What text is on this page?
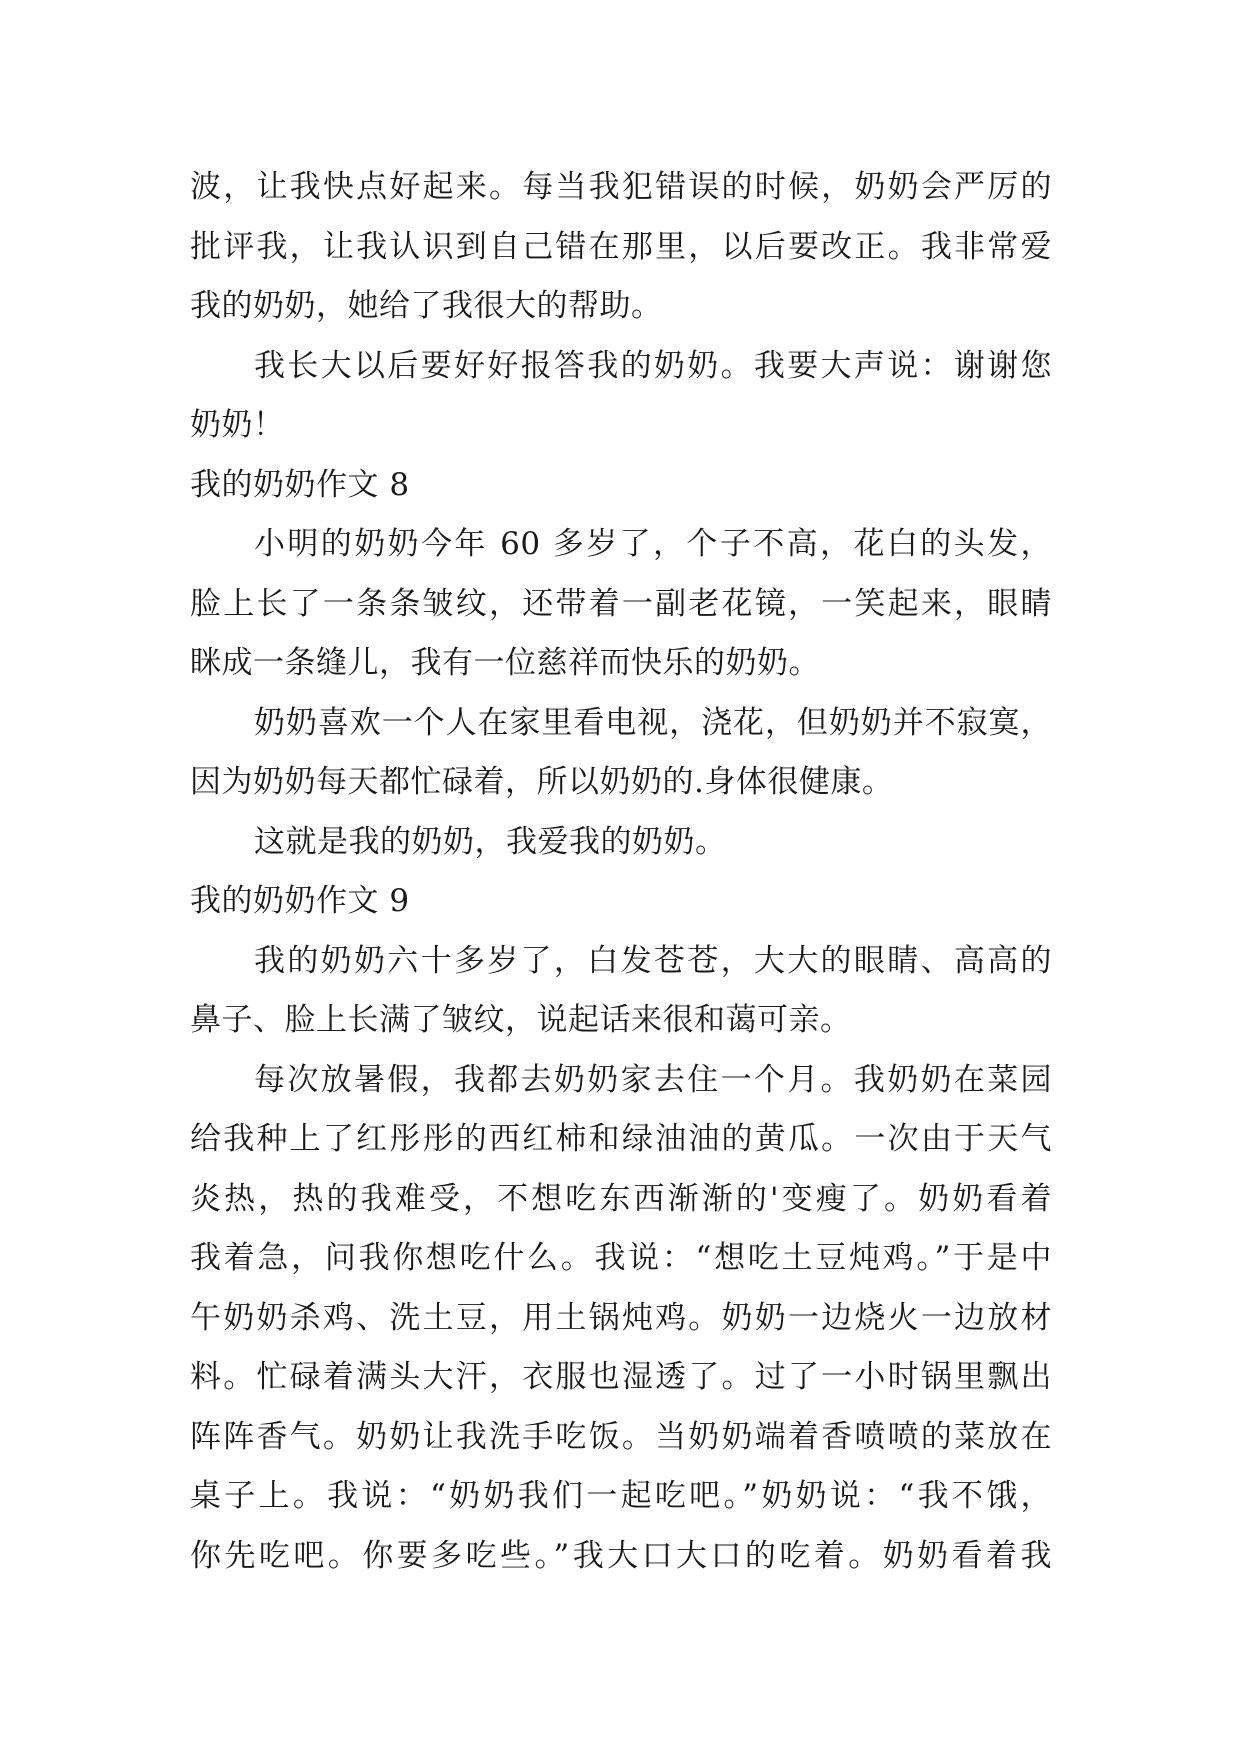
波，让我快点好起来。每当我犯错误的时候，奶奶会严厉的
批评我，让我认识到自己错在那里，以后要改正。我非常爱
我的奶奶，她给了我很大的帮助。
我长大以后要好好报答我的奶奶。我要大声说：谢谢您
奶奶！
我的奶奶作文 8
小明的奶奶今年 60 多岁了，个子不高，花白的头发，
脸上长了一条条皱纹，还带着一副老花镜，一笑起来，眼睛
眯成一条缝儿，我有一位慈祥而快乐的奶奶。
奶奶喜欢一个人在家里看电视，浇花，但奶奶并不寂寞，
因为奶奶每天都忙碌着，所以奶奶的.身体很健康。
这就是我的奶奶，我爱我的奶奶。
我的奶奶作文 9
我的奶奶六十多岁了，白发苍苍，大大的眼睛、高高的
鼻子、脸上长满了皱纹，说起话来很和蔼可亲。
每次放暑假，我都去奶奶家去住一个月。我奶奶在菜园
给我种上了红彤彤的西红柿和绿油油的黄瓜。一次由于天气
炎热，热的我难受，不想吃东西渐渐的'变瘦了。奶奶看着
我着急，问我你想吃什么。我说：“想吃土豆炖鸡。”于是中
午奶奶杀鸡、洗土豆，用土锅炖鸡。奶奶一边烧火一边放材
料。忙碌着满头大汗，衣服也湿透了。过了一小时锅里飘出
阵阵香气。奶奶让我洗手吃饭。当奶奶端着香喷喷的菜放在
桌子上。我说：“奶奶我们一起吃吧。”奶奶说：“我不饿，
你先吃吧。你要多吃些。”我大口大口的吃着。奶奶看着我
